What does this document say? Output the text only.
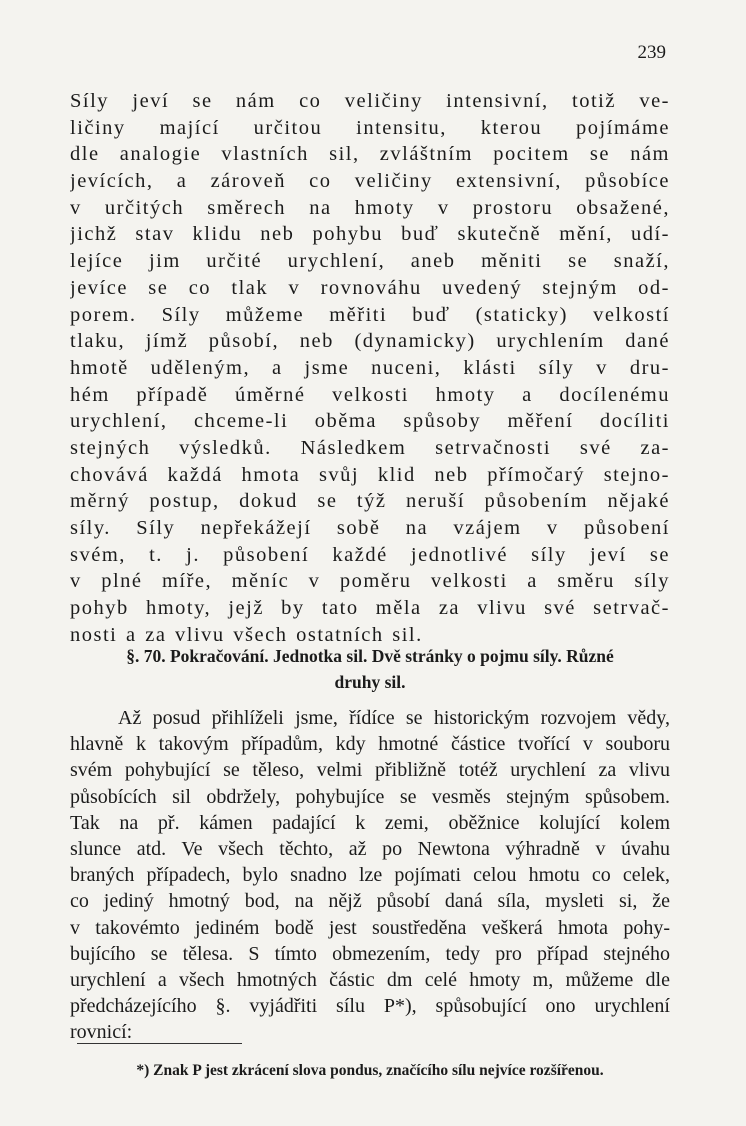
239
Síly jeví se nám co veličiny intensivní, totiž ve-
ličiny mající určitou intensitu, kterou pojímáme
dle analogie vlastních sil, zvláštním pocitem se nám
jevících, a zároveň co veličiny extensivní, působíce
v určitých směrech na hmoty v prostoru obsažené,
jichž stav klidu neb pohybu buď skutečně mění, udí-
lejíce jim určité urychlení, aneb měniti se snaží,
jevíce se co tlak v rovnováhu uvedený stejným od-
porem. Síly můžeme měřiti buď (staticky) velkostí
tlaku, jímž působí, neb (dynamicky) urychlením dané
hmotě uděleným, a jsme nuceni, klásti síly v dru-
hém případě úměrné velkosti hmoty a docílenému
urychlení, chceme-li oběma spůsoby měření docíliti
stejných výsledků. Následkem setrvačnosti své za-
chovává každá hmota svůj klid neb přímočarý stejno-
měrný postup, dokud se týž neruší působením nějaké
síly. Síly nepřekážejí sobě na vzájem v působení
svém, t. j. působení každé jednotlivé síly jeví se
v plné míře, měníc v poměru velkosti a směru síly
pohyb hmoty, jejž by tato měla za vlivu své setrvač-
nosti a za vlivu všech ostatních sil.
§. 70. Pokračování. Jednotka sil. Dvě stránky o pojmu síly. Různé
druhy sil.
Až posud přihlíželi jsme, řídíce se historickým rozvojem vědy,
hlavně k takovým případům, kdy hmotné částice tvořící v souboru
svém pohybující se těleso, velmi přibližně totéž urychlení za vlivu
působících sil obdržely, pohybujíce se vesměs stejným spůsobem.
Tak na př. kámen padající k zemi, oběžnice kolující kolem
slunce atd. Ve všech těchto, až po Newtona výhradně v úvahu
braných případech, bylo snadno lze pojímati celou hmotu co celek,
co jediný hmotný bod, na nějž působí daná síla, mysleti si, že
v takovémto jediném bodě jest soustředěna veškerá hmota pohy-
bujícího se tělesa. S tímto obmezením, tedy pro případ stejného
urychlení a všech hmotných částic dm celé hmoty m, můžeme dle
předcházejícího §. vyjádřiti sílu P*), spůsobující ono urychlení
rovnicí:
*) Znak P jest zkrácení slova pondus, značícího sílu nejvíce rozšířenou.
